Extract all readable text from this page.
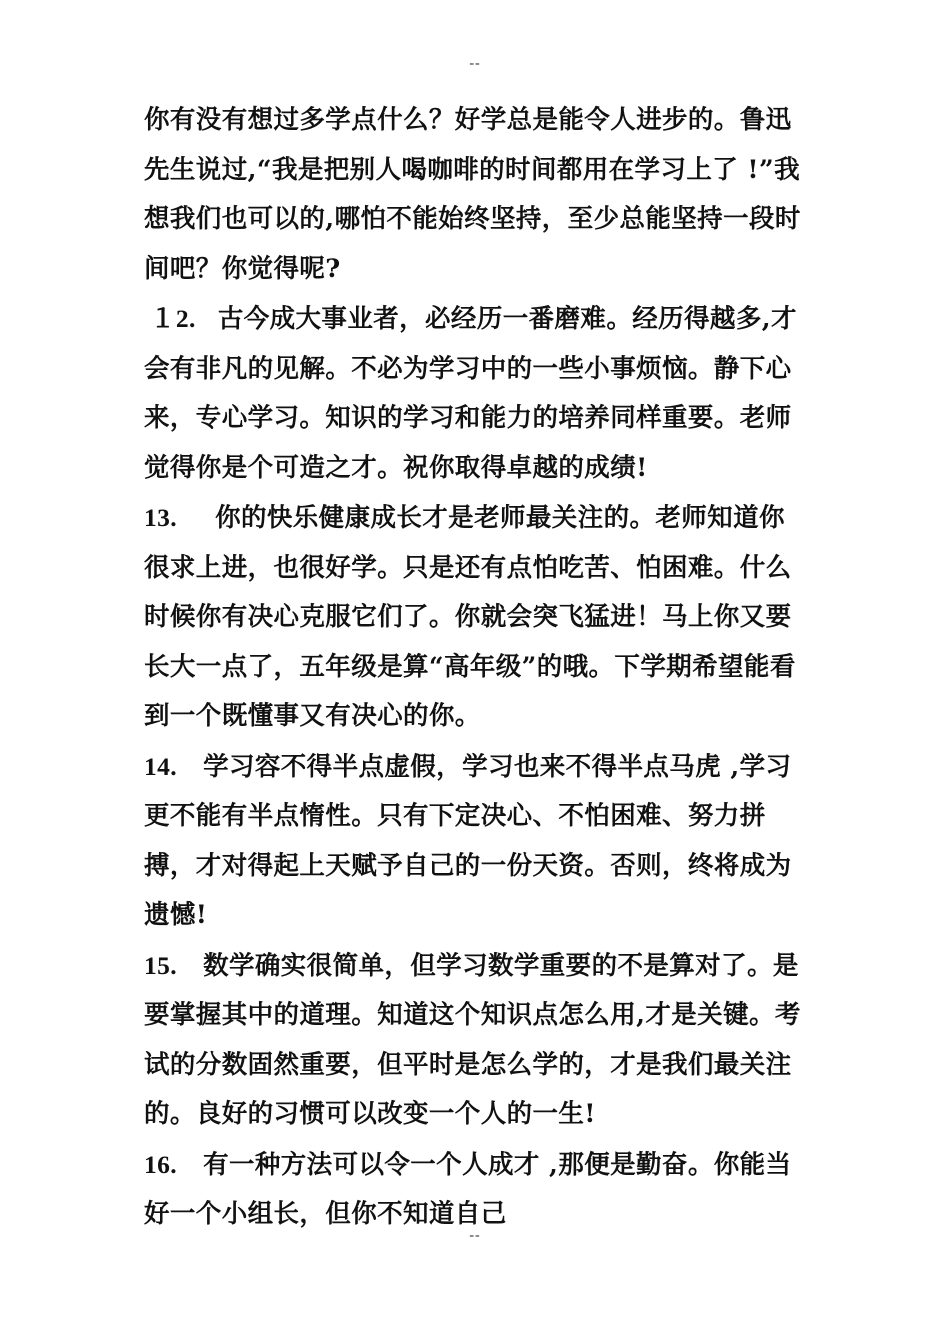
--

你有没有想过多学点什么？好学总是能令人进步的。鲁迅先生说过,“我是把别人喝咖啡的时间都用在学习上了 !”我想我们也可以的,哪怕不能始终坚持，至少总能坚持一段时间吧？你觉得呢?

１2. 古今成大事业者，必经历一番磨难。经历得越多,才会有非凡的见解。不必为学习中的一些小事烦恼。静下心来，专心学习。知识的学习和能力的培养同样重要。老师觉得你是个可造之才。祝你取得卓越的成绩!

13. 你的快乐健康成长才是老师最关注的。老师知道你很求上进，也很好学。只是还有点怕吃苦、怕困难。什么时候你有决心克服它们了。你就会突飞猛进！马上你又要长大一点了，五年级是算“高年级”的哦。下学期希望能看到一个既懂事又有决心的你。

14. 学习容不得半点虚假，学习也来不得半点马虎 ,学习更不能有半点惰性。只有下定决心、不怕困难、努力拼搏，才对得起上天赋予自己的一份天资。否则，终将成为遗憾!

15. 数学确实很简单，但学习数学重要的不是算对了。是要掌握其中的道理。知道这个知识点怎么用,才是关键。考试的分数固然重要，但平时是怎么学的，才是我们最关注的。良好的习惯可以改变一个人的一生!

16. 有一种方法可以令一个人成才 ,那便是勤奋。你能当好一个小组长，但你不知道自己

--
